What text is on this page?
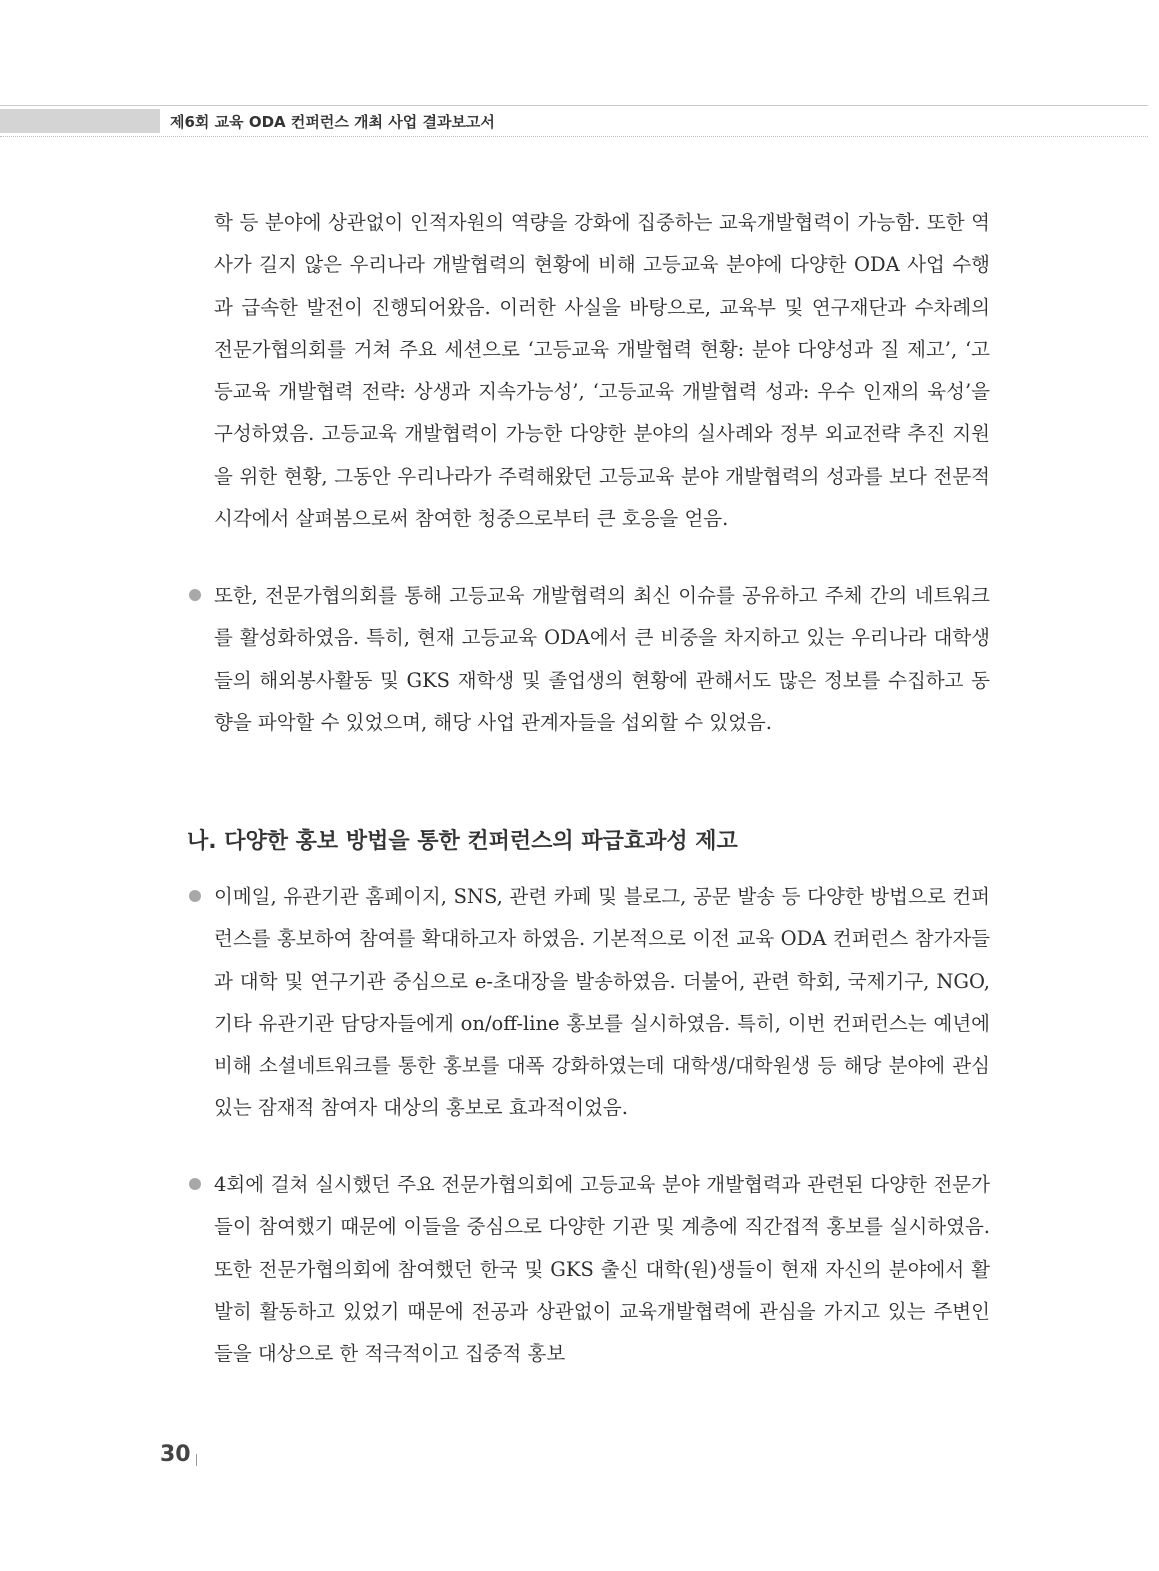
제6회 교육 ODA 컨퍼런스 개최 사업 결과보고서
학 등 분야에 상관없이 인적자원의 역량을 강화에 집중하는 교육개발협력이 가능함. 또한 역사가 길지 않은 우리나라 개발협력의 현황에 비해 고등교육 분야에 다양한 ODA 사업 수행과 급속한 발전이 진행되어왔음. 이러한 사실을 바탕으로, 교육부 및 연구재단과 수차례의 전문가협의회를 거쳐 주요 세션으로 ‘고등교육 개발협력 현황: 분야 다양성과 질 제고’, ‘고등교육 개발협력 전략: 상생과 지속가능성’, ‘고등교육 개발협력 성과: 우수 인재의 육성’을 구성하였음. 고등교육 개발협력이 가능한 다양한 분야의 실사례와 정부 외교전략 추진 지원을 위한 현황, 그동안 우리나라가 주력해왔던 고등교육 분야 개발협력의 성과를 보다 전문적 시각에서 살펴봄으로써 참여한 청중으로부터 큰 호응을 얻음.
또한, 전문가협의회를 통해 고등교육 개발협력의 최신 이슈를 공유하고 주체 간의 네트워크를 활성화하였음. 특히, 현재 고등교육 ODA에서 큰 비중을 차지하고 있는 우리나라 대학생들의 해외봉사활동 및 GKS 재학생 및 졸업생의 현황에 관해서도 많은 정보를 수집하고 동향을 파악할 수 있었으며, 해당 사업 관계자들을 섭외할 수 있었음.
나. 다양한 홍보 방법을 통한 컨퍼런스의 파급효과성 제고
이메일, 유관기관 홈페이지, SNS, 관련 카페 및 블로그, 공문 발송 등 다양한 방법으로 컨퍼런스를 홍보하여 참여를 확대하고자 하였음. 기본적으로 이전 교육 ODA 컨퍼런스 참가자들과 대학 및 연구기관 중심으로 e-초대장을 발송하였음. 더불어, 관련 학회, 국제기구, NGO, 기타 유관기관 담당자들에게 on/off-line 홍보를 실시하였음. 특히, 이번 컨퍼런스는 예년에 비해 소셜네트워크를 통한 홍보를 대폭 강화하였는데 대학생/대학원생 등 해당 분야에 관심 있는 잠재적 참여자 대상의 홍보로 효과적이었음.
4회에 걸쳐 실시했던 주요 전문가협의회에 고등교육 분야 개발협력과 관련된 다양한 전문가들이 참여했기 때문에 이들을 중심으로 다양한 기관 및 계층에 직간접적 홍보를 실시하였음. 또한 전문가협의회에 참여했던 한국 및 GKS 출신 대학(원)생들이 현재 자신의 분야에서 활발히 활동하고 있었기 때문에 전공과 상관없이 교육개발협력에 관심을 가지고 있는 주변인들을 대상으로 한 적극적이고 집중적 홍보
30
